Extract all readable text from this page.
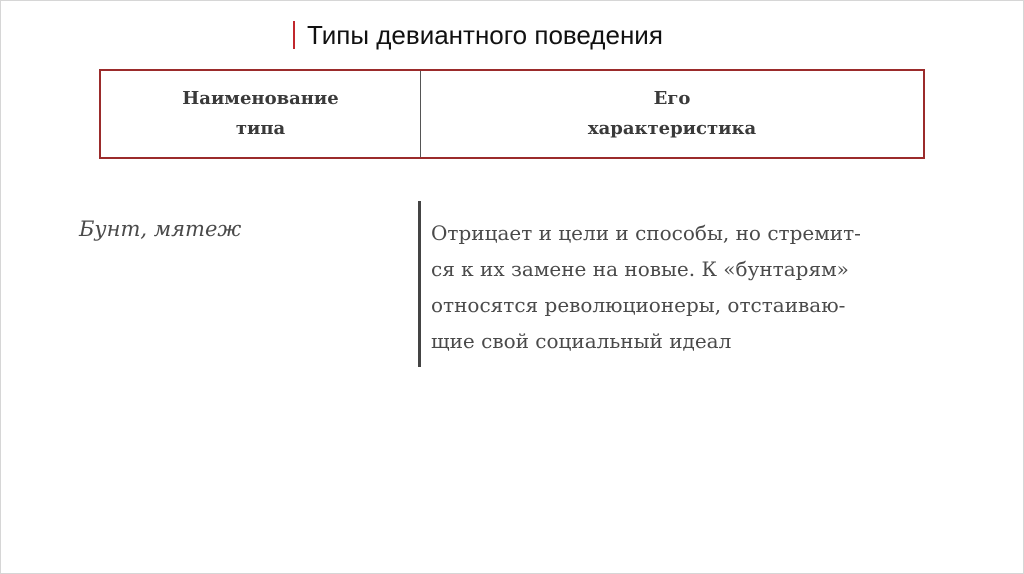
Типы девиантного поведения
Наименование
типа
Его
характеристика
Бунт, мятеж	Отрицает и цели и способы, но стремит-
ся к их замене на новые. К «бунтарям»
относятся революционеры, отстаиваю-
щие свой социальный идеал
